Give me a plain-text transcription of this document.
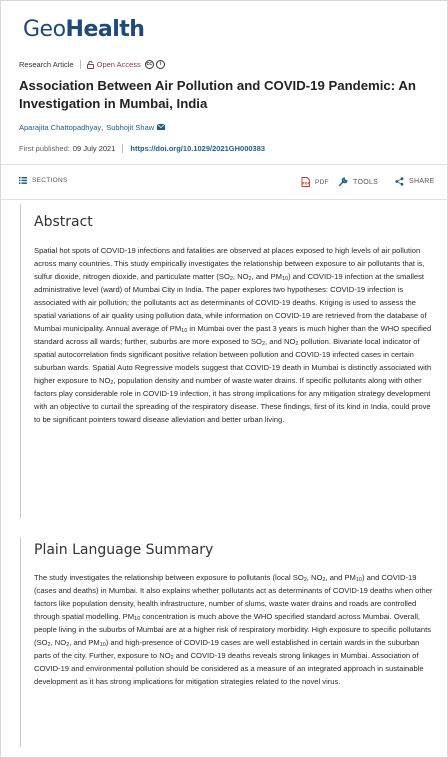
GeoHealth
Research Article	Open Access	cc	i
Association Between Air Pollution and COVID-19 Pandemic: An Investigation in Mumbai, India
Aparajita Chattopadhyay , Subhojit Shaw
First published: 09 July 2021 https://doi.org/10.1029/2021GH000383
SECTIONS	PDF PDF	TOOLS	SHARE
Abstract

Spatial hot spots of COVID-19 infections and fatalities are observed at places exposed to high levels of air pollution across many countries. This study empirically investigates the relationship between exposure to air pollutants that is, sulfur dioxide, nitrogen dioxide, and particulate matter ($SO_2$, $NO_2$, and $PM_{10}$) and COVID-19 infection at the smallest administrative level (ward) of Mumbai City in India. The paper explores two hypotheses: COVID-19 infection is associated with air pollution; the pollutants act as determinants of COVID-19 deaths. Kriging is used to assess the spatial variations of air quality using pollution data, while information on COVID-19 are retrieved from the database of Mumbai municipality. Annual average of $PM_{10}$ in Mumbai over the past 3 years is much higher than the WHO specified standard across all wards; further, suburbs are more exposed to $SO_2$, and $NO_2$ pollution. Bivariate local indicator of spatial autocorrelation finds significant positive relation between pollution and COVID-19 infected cases in certain suburban wards. Spatial Auto Regressive models suggest that COVID-19 death in Mumbai is distinctly associated with higher exposure to $NO_2$, population density and number of waste water drains. If specific pollutants along with other factors play considerable role in COVID-19 infection, it has strong implications for any mitigation strategy development with an objective to curtail the spreading of the respiratory disease. These findings, first of its kind in India, could prove to be significant pointers toward disease alleviation and better urban living.

Plain Language Summary

The study investigates the relationship between exposure to pollutants (local $SO_2$, $NO_2$, and $PM_{10}$) and COVID-19 (cases and deaths) in Mumbai. It also explains whether pollutants act as determinants of COVID-19 deaths when other factors like population density, health infrastructure, number of slums, waste water drains and roads are controlled through spatial modelling. $PM_{10}$ concentration is much above the WHO specified standard across Mumbai. Overall, people living in the suburbs of Mumbai are at a higher risk of respiratory morbidity. High exposure to specific pollutants ($SO_2$, $NO_2$, and $PM_{10}$) and high-presence of COVID-19 cases are well established in certain wards in the suburban parts of the city. Further, exposure to $NO_2$ and COVID-19 deaths reveals strong linkages in Mumbai. Association of COVID-19 and environmental pollution should be considered as a measure of an integrated approach in sustainable development as it has strong implications for mitigation strategies related to the novel virus.
